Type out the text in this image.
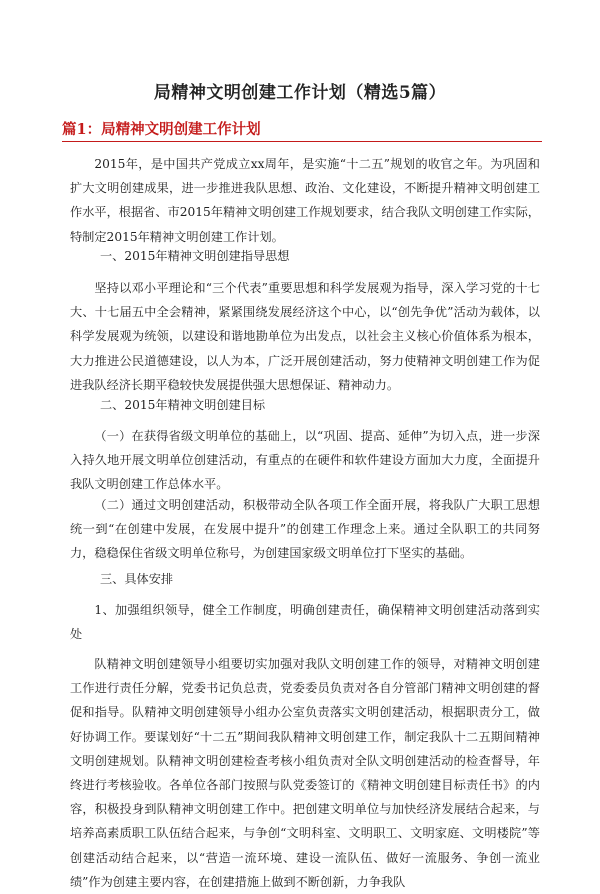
局精神文明创建工作计划（精选5篇）
篇1：局精神文明创建工作计划

2015年，是中国共产党成立xx周年，是实施“十二五”规划的收官之年。为巩固和扩大文明创建成果，进一步推进我队思想、政治、文化建设，不断提升精神文明创建工作水平，根据省、市2015年精神文明创建工作规划要求，结合我队文明创建工作实际，特制定2015年精神文明创建工作计划。

一、2015年精神文明创建指导思想

坚持以邓小平理论和“三个代表”重要思想和科学发展观为指导，深入学习党的十七大、十七届五中全会精神，紧紧围绕发展经济这个中心，以“创先争优”活动为载体，以科学发展观为统领，以建设和谐地勘单位为出发点，以社会主义核心价值体系为根本，大力推进公民道德建设，以人为本，广泛开展创建活动，努力使精神文明创建工作为促进我队经济长期平稳较快发展提供强大思想保证、精神动力。

二、2015年精神文明创建目标

（一）在获得省级文明单位的基础上，以“巩固、提高、延伸”为切入点，进一步深入持久地开展文明单位创建活动，有重点的在硬件和软件建设方面加大力度，全面提升我队文明创建工作总体水平。

（二）通过文明创建活动，积极带动全队各项工作全面开展，将我队广大职工思想统一到“在创建中发展，在发展中提升”的创建工作理念上来。通过全队职工的共同努力，稳稳保住省级文明单位称号，为创建国家级文明单位打下坚实的基础。

三、具体安排

1、加强组织领导，健全工作制度，明确创建责任，确保精神文明创建活动落到实处

队精神文明创建领导小组要切实加强对我队文明创建工作的领导，对精神文明创建工作进行责任分解，党委书记负总责，党委委员负责对各自分管部门精神文明创建的督促和指导。队精神文明创建领导小组办公室负责落实文明创建活动，根据职责分工，做好协调工作。要谋划好“十二五”期间我队精神文明创建工作，制定我队十二五期间精神文明创建规划。队精神文明创建检查考核小组负责对全队文明创建活动的检查督导，年终进行考核验收。各单位各部门按照与队党委签订的《精神文明创建目标责任书》的内容，积极投身到队精神文明创建工作中。把创建文明单位与加快经济发展结合起来，与培养高素质职工队伍结合起来，与争创“文明科室、文明职工、文明家庭、文明楼院”等创建活动结合起来，以“营造一流环境、建设一流队伍、做好一流服务、争创一流业绩”作为创建主要内容，在创建措施上做到不断创新，力争我队
